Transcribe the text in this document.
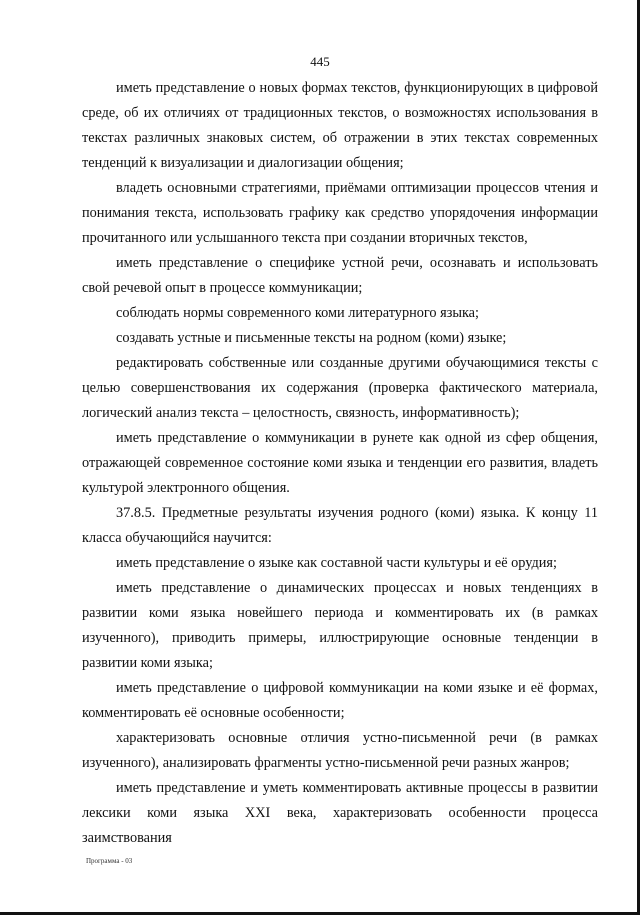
445

иметь представление о новых формах текстов, функционирующих в цифровой среде, об их отличиях от традиционных текстов, о возможностях использования в текстах различных знаковых систем, об отражении в этих текстах современных тенденций к визуализации и диалогизации общения;

владеть основными стратегиями, приёмами оптимизации процессов чтения и понимания текста, использовать графику как средство упорядочения информации прочитанного или услышанного текста при создании вторичных текстов,

иметь представление о специфике устной речи, осознавать и использовать свой речевой опыт в процессе коммуникации;

соблюдать нормы современного коми литературного языка;

создавать устные и письменные тексты на родном (коми) языке;

редактировать собственные или созданные другими обучающимися тексты с целью совершенствования их содержания (проверка фактического материала, логический анализ текста – целостность, связность, информативность);

иметь представление о коммуникации в рунете как одной из сфер общения, отражающей современное состояние коми языка и тенденции его развития, владеть культурой электронного общения.

37.8.5. Предметные результаты изучения родного (коми) языка. К концу 11 класса обучающийся научится:

иметь представление о языке как составной части культуры и её орудия;

иметь представление о динамических процессах и новых тенденциях в развитии коми языка новейшего периода и комментировать их (в рамках изученного), приводить примеры, иллюстрирующие основные тенденции в развитии коми языка;

иметь представление о цифровой коммуникации на коми языке и её формах, комментировать её основные особенности;

характеризовать основные отличия устно-письменной речи (в рамках изученного), анализировать фрагменты устно-письменной речи разных жанров;

иметь представление и уметь комментировать активные процессы в развитии лексики коми языка XXI века, характеризовать особенности процесса заимствования

Программа - 03
